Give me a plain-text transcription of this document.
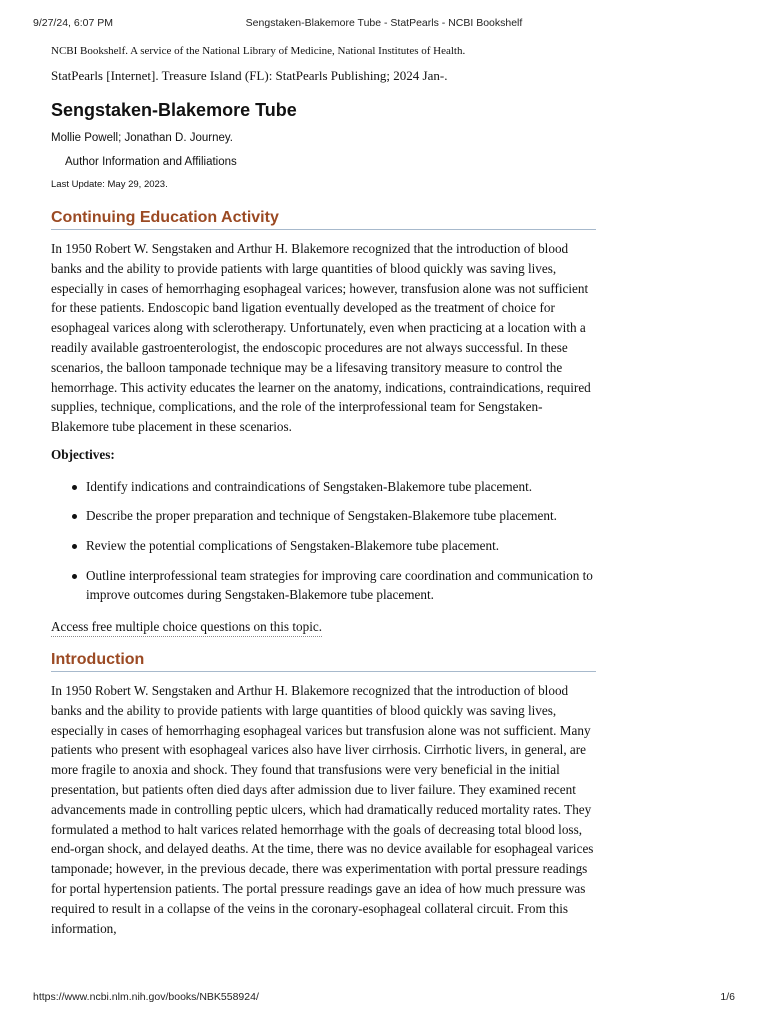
9/27/24, 6:07 PM	Sengstaken-Blakemore Tube - StatPearls - NCBI Bookshelf
NCBI Bookshelf. A service of the National Library of Medicine, National Institutes of Health.
StatPearls [Internet]. Treasure Island (FL): StatPearls Publishing; 2024 Jan-.
Sengstaken-Blakemore Tube
Mollie Powell; Jonathan D. Journey.
Author Information and Affiliations
Last Update: May 29, 2023.
Continuing Education Activity

In 1950 Robert W. Sengstaken and Arthur H. Blakemore recognized that the introduction of blood banks and the ability to provide patients with large quantities of blood quickly was saving lives, especially in cases of hemorrhaging esophageal varices; however, transfusion alone was not sufficient for these patients. Endoscopic band ligation eventually developed as the treatment of choice for esophageal varices along with sclerotherapy. Unfortunately, even when practicing at a location with a readily available gastroenterologist, the endoscopic procedures are not always successful. In these scenarios, the balloon tamponade technique may be a lifesaving transitory measure to control the hemorrhage. This activity educates the learner on the anatomy, indications, contraindications, required supplies, technique, complications, and the role of the interprofessional team for Sengstaken-Blakemore tube placement in these scenarios.

Objectives:
Identify indications and contraindications of Sengstaken-Blakemore tube placement.
Describe the proper preparation and technique of Sengstaken-Blakemore tube placement.
Review the potential complications of Sengstaken-Blakemore tube placement.
Outline interprofessional team strategies for improving care coordination and communication to improve outcomes during Sengstaken-Blakemore tube placement.
Access free multiple choice questions on this topic.
Introduction

In 1950 Robert W. Sengstaken and Arthur H. Blakemore recognized that the introduction of blood banks and the ability to provide patients with large quantities of blood quickly was saving lives, especially in cases of hemorrhaging esophageal varices but transfusion alone was not sufficient. Many patients who present with esophageal varices also have liver cirrhosis. Cirrhotic livers, in general, are more fragile to anoxia and shock. They found that transfusions were very beneficial in the initial presentation, but patients often died days after admission due to liver failure. They examined recent advancements made in controlling peptic ulcers, which had dramatically reduced mortality rates. They formulated a method to halt varices related hemorrhage with the goals of decreasing total blood loss, end-organ shock, and delayed deaths. At the time, there was no device available for esophageal varices tamponade; however, in the previous decade, there was experimentation with portal pressure readings for portal hypertension patients. The portal pressure readings gave an idea of how much pressure was required to result in a collapse of the veins in the coronary-esophageal collateral circuit. From this information,

https://www.ncbi.nlm.nih.gov/books/NBK558924/	1/6
